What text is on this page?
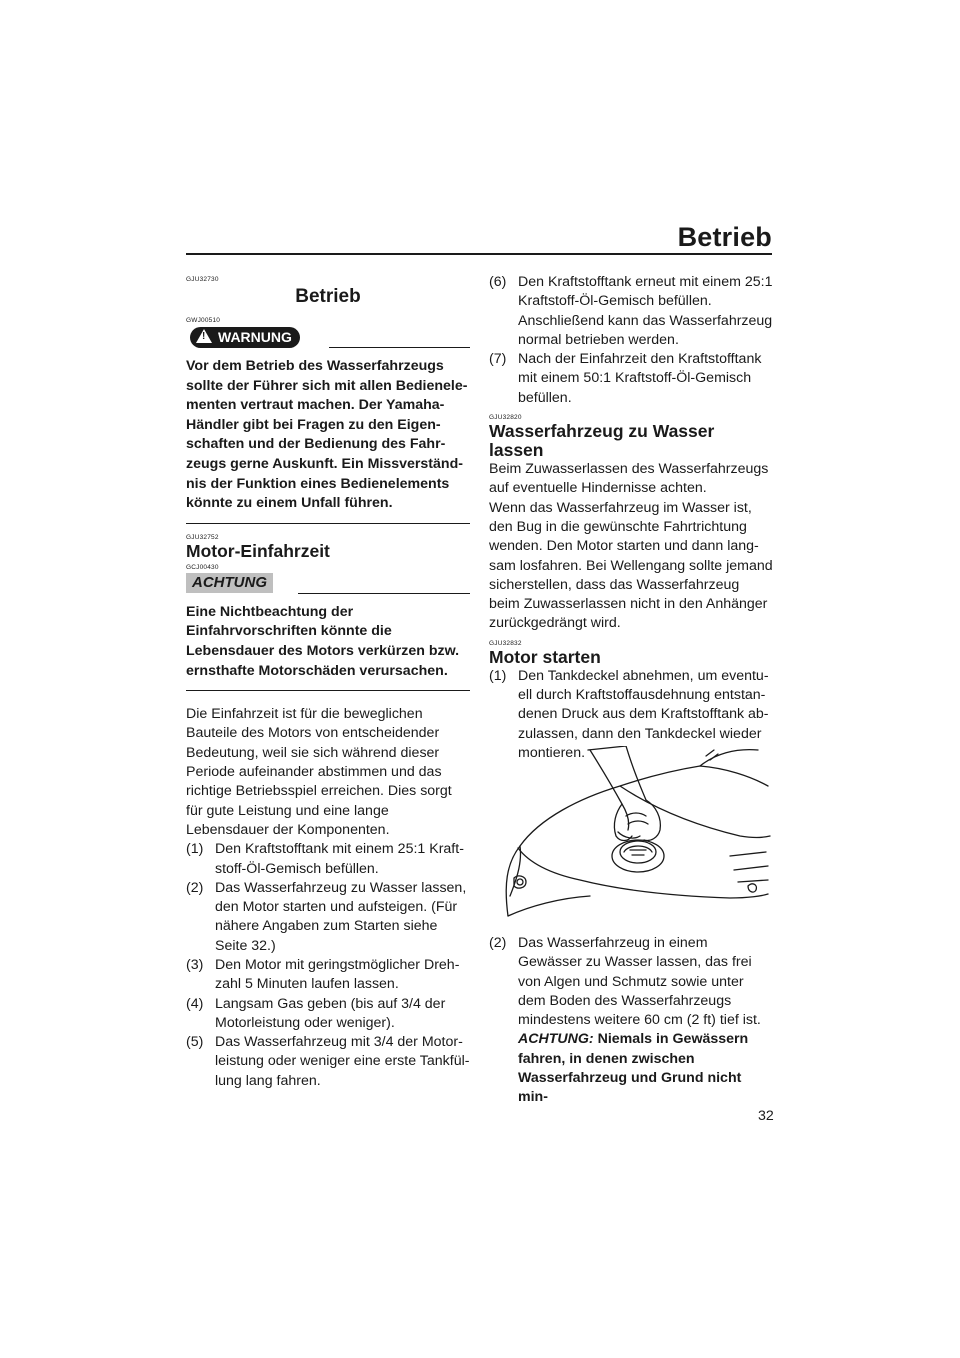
Betrieb
GJU32730
Betrieb
GWJ00510
! WARNUNG

Vor dem Betrieb des Wasserfahrzeugs sollte der Führer sich mit allen Bedienelementen vertraut machen. Der Yamaha-Händler gibt bei Fragen zu den Eigenschaften und der Bedienung des Fahrzeugs gerne Auskunft. Ein Missverständnis der Funktion eines Bedienelements könnte zu einem Unfall führen.

GJU32752
Motor-Einfahrzeit
GCJ00430
ACHTUNG

Eine Nichtbeachtung der Einfahrvorschriften könnte die Lebensdauer des Motors verkürzen bzw. ernsthafte Motorschäden verursachen.

Die Einfahrzeit ist für die beweglichen Bauteile des Motors von entscheidender Bedeutung, weil sie sich während dieser Periode aufeinander abstimmen und das richtige Betriebsspiel erreichen. Dies sorgt für gute Leistung und eine lange Lebensdauer der Komponenten.

(1) Den Kraftstofftank mit einem 25:1 Kraftstoff-Öl-Gemisch befüllen.
(2) Das Wasserfahrzeug zu Wasser lassen, den Motor starten und aufsteigen. (Für nähere Angaben zum Starten siehe Seite 32.)
(3) Den Motor mit geringstmöglicher Drehzahl 5 Minuten laufen lassen.
(4) Langsam Gas geben (bis auf 3/4 der Motorleistung oder weniger).
(5) Das Wasserfahrzeug mit 3/4 der Motorleistung oder weniger eine erste Tankfüllung lang fahren.
(6) Den Kraftstofftank erneut mit einem 25:1 Kraftstoff-Öl-Gemisch befüllen. Anschließend kann das Wasserfahrzeug normal betrieben werden.
(7) Nach der Einfahrzeit den Kraftstofftank mit einem 50:1 Kraftstoff-Öl-Gemisch befüllen.
GJU32820
Wasserfahrzeug zu Wasser lassen

Beim Zuwasserlassen des Wasserfahrzeugs auf eventuelle Hindernisse achten.

Wenn das Wasserfahrzeug im Wasser ist, den Bug in die gewünschte Fahrtrichtung wenden. Den Motor starten und dann langsam losfahren. Bei Wellengang sollte jemand sicherstellen, dass das Wasserfahrzeug beim Zuwasserlassen nicht in den Anhänger zurückgedrängt wird.

GJU32832
Motor starten
(1) Den Tankdeckel abnehmen, um eventuell durch Kraftstoffausdehnung entstandenen Druck aus dem Kraftstofftank abzulassen, dann den Tankdeckel wieder montieren.
(2) Das Wasserfahrzeug in einem Gewässer zu Wasser lassen, das frei von Algen und Schmutz sowie unter dem Boden des Wasserfahrzeugs mindestens weitere 60 cm (2 ft) tief ist. ACHTUNG: Niemals in Gewässern fahren, in denen zwischen Wasserfahrzeug und Grund nicht min-
32
